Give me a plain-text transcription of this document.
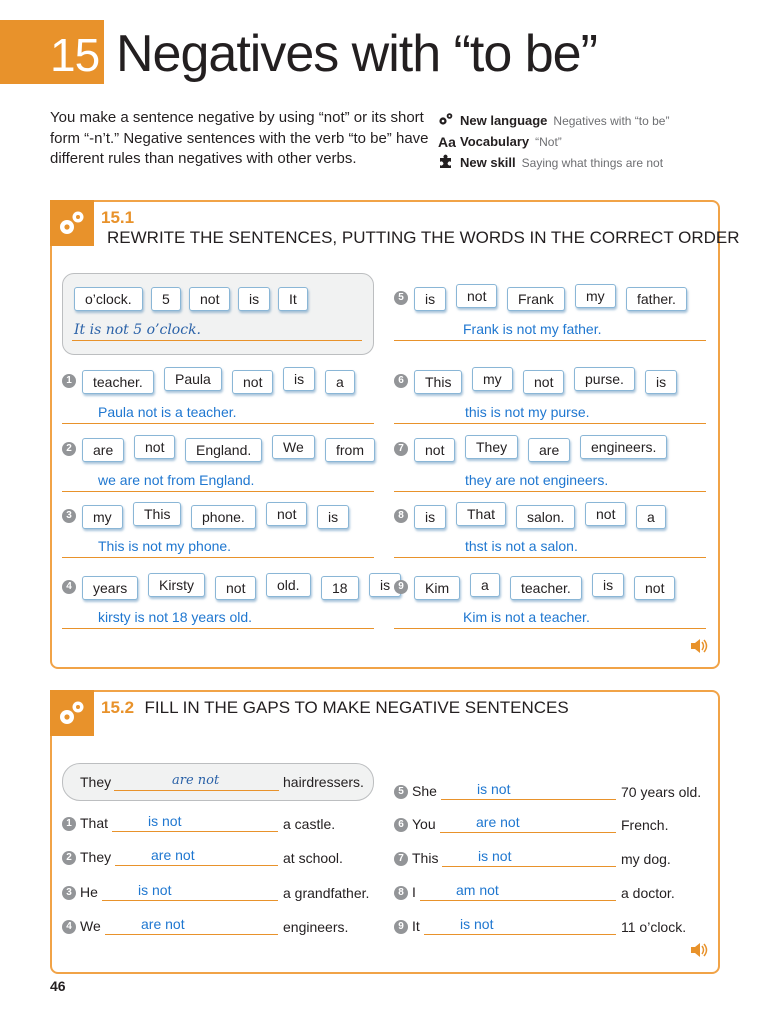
15 Negatives with “to be”
You make a sentence negative by using “not” or its short form “-n’t.” Negative sentences with the verb “to be” have different rules than negatives with other verbs.
New language Negatives with “to be”
Aa Vocabulary “Not”
New skill Saying what things are not
15.1 REWRITE THE SENTENCES, PUTTING THE WORDS IN THE CORRECT ORDER
o’clock.	5	not	is	It
It is not 5 o’clock.
1	teacher.	Paula	not	is	a
Paula not is a teacher.
2	are	not	England.	We	from
we are not from England.
3	my	This	phone.	not	is
This is not my phone.
4	years	Kirsty	not	old.	18	is
kirsty is not 18 years old.
5	is	not	Frank	my	father.
Frank is not my father.
6	This	my	not	purse.	is
this is not my purse.
7	not	They	are	engineers.
they are not engineers.
8	is	That	salon.	not	a
thst is not a salon.
9	Kim	a	teacher.	is	not
Kim is not a teacher.
15.2 FILL IN THE GAPS TO MAKE NEGATIVE SENTENCES
They	are not	hairdressers.
1 That	is not	a castle.
2 They	are not	at school.
3 He	is not	a grandfather.
4 We	are not	engineers.
5 She	is not	70 years old.
6 You	are not	French.
7 This	is not	my dog.
8 I	am not	a doctor.
9 It	is not	11 o’clock.
46
